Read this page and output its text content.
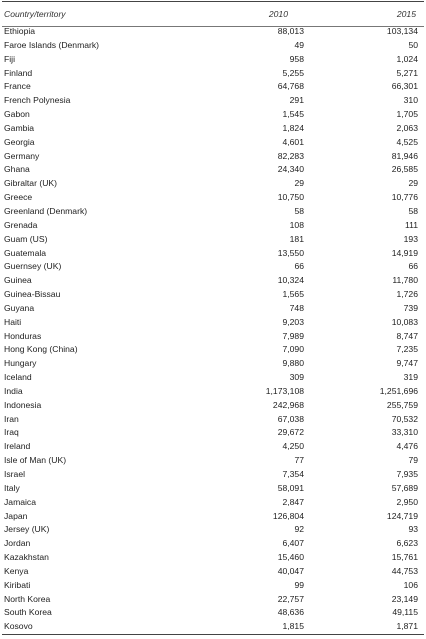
Country/territory	2010	2015
Ethiopia	88,013	103,134
Faroe Islands (Denmark)	49	50
Fiji	958	1,024
Finland	5,255	5,271
France	64,768	66,301
French Polynesia	291	310
Gabon	1,545	1,705
Gambia	1,824	2,063
Georgia	4,601	4,525
Germany	82,283	81,946
Ghana	24,340	26,585
Gibraltar (UK)	29	29
Greece	10,750	10,776
Greenland (Denmark)	58	58
Grenada	108	111
Guam (US)	181	193
Guatemala	13,550	14,919
Guernsey (UK)	66	66
Guinea	10,324	11,780
Guinea-Bissau	1,565	1,726
Guyana	748	739
Haiti	9,203	10,083
Honduras	7,989	8,747
Hong Kong (China)	7,090	7,235
Hungary	9,880	9,747
Iceland	309	319
India	1,173,108	1,251,696
Indonesia	242,968	255,759
Iran	67,038	70,532
Iraq	29,672	33,310
Ireland	4,250	4,476
Isle of Man (UK)	77	79
Israel	7,354	7,935
Italy	58,091	57,689
Jamaica	2,847	2,950
Japan	126,804	124,719
Jersey (UK)	92	93
Jordan	6,407	6,623
Kazakhstan	15,460	15,761
Kenya	40,047	44,753
Kiribati	99	106
North Korea	22,757	23,149
South Korea	48,636	49,115
Kosovo	1,815	1,871
